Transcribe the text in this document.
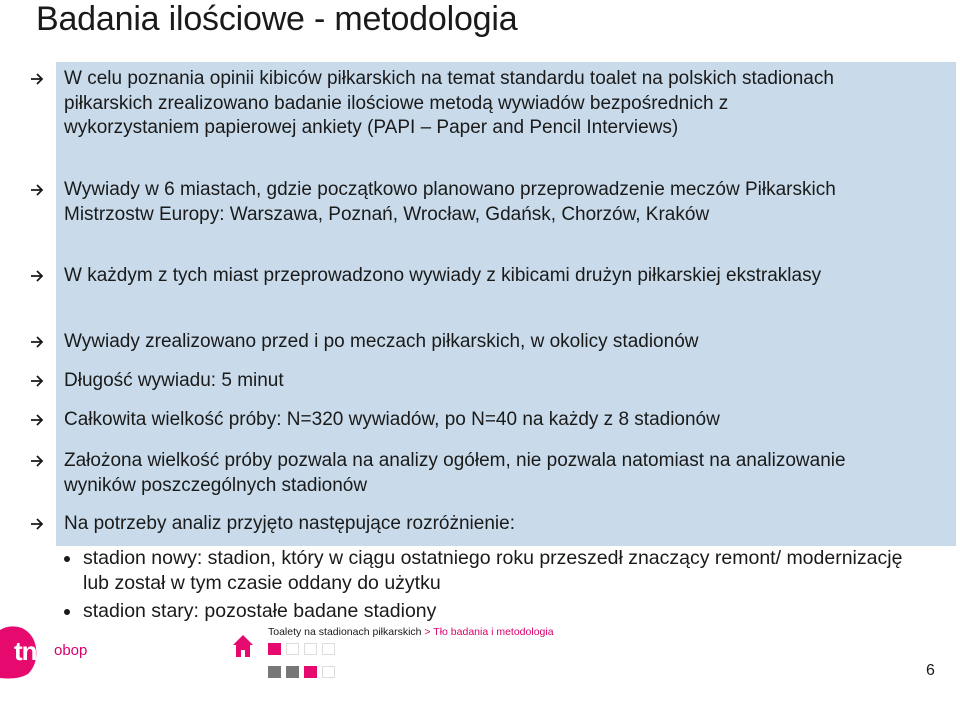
Badania ilościowe - metodologia
W celu poznania opinii kibiców piłkarskich na temat standardu toalet na polskich stadionach piłkarskich zrealizowano badanie ilościowe metodą wywiadów bezpośrednich z wykorzystaniem papierowej ankiety (PAPI – Paper and Pencil Interviews)
Wywiady w 6 miastach, gdzie początkowo planowano przeprowadzenie meczów Piłkarskich Mistrzostw Europy: Warszawa, Poznań, Wrocław, Gdańsk, Chorzów, Kraków
W każdym z tych miast przeprowadzono wywiady z kibicami drużyn piłkarskiej ekstraklasy
Wywiady zrealizowano przed i po meczach piłkarskich, w okolicy stadionów
Długość wywiadu: 5 minut
Całkowita wielkość próby: N=320 wywiadów, po N=40 na każdy z 8 stadionów
Założona wielkość próby pozwala na analizy ogółem, nie pozwala natomiast na analizowanie wyników poszczególnych stadionów
Na potrzeby analiz przyjęto następujące rozróżnienie:
stadion nowy: stadion, który w ciągu ostatniego roku przeszedł znaczący remont/ modernizację lub został w tym czasie oddany do użytku
stadion stary: pozostałe badane stadiony
tns obop
Toalety na stadionach piłkarskich > Tło badania i metodologia
6
